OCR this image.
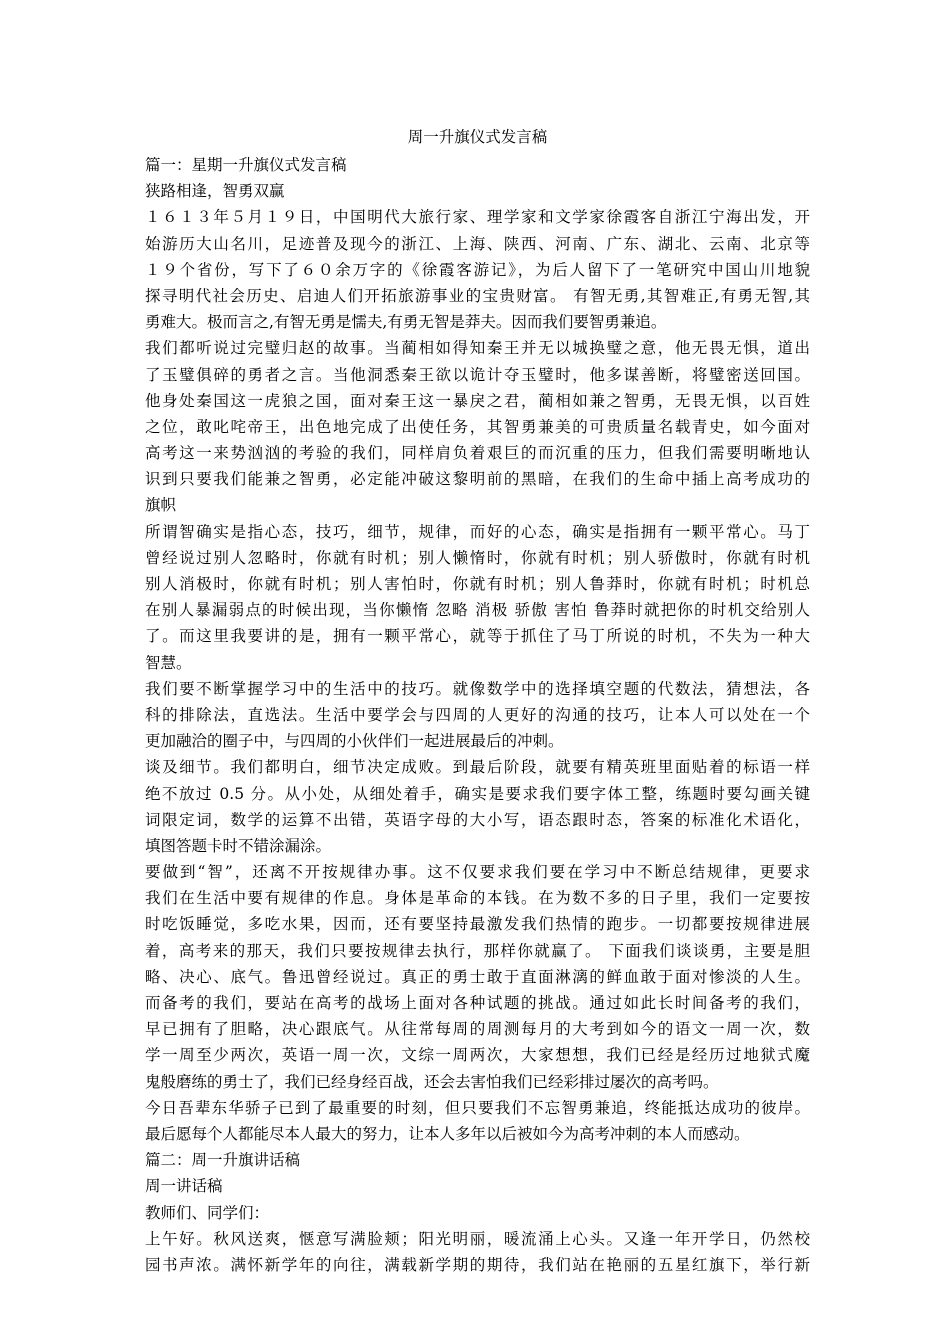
周一升旗仪式发言稿
篇一：星期一升旗仪式发言稿
狭路相逢，智勇双赢
１６１３年５月１９日，中国明代大旅行家、理学家和文学家徐霞客自浙江宁海出发，开
始游历大山名川，足迹普及现今的浙江、上海、陕西、河南、广东、湖北、云南、北京等
１９个省份，写下了６０余万字的《徐霞客游记》，为后人留下了一笔研究中国山川地貌
探寻明代社会历史、启迪人们开拓旅游事业的宝贵财富。 有智无勇,其智难正,有勇无智,其
勇难大。极而言之,有智无勇是懦夫,有勇无智是莽夫。因而我们要智勇兼追。
我们都听说过完璧归赵的故事。当蔺相如得知秦王并无以城换璧之意，他无畏无惧，道出
了玉璧俱碎的勇者之言。当他洞悉秦王欲以诡计夺玉璧时，他多谋善断，将璧密送回国。
他身处秦国这一虎狼之国，面对秦王这一暴戾之君，蔺相如兼之智勇，无畏无惧，以百姓
之位，敢叱咤帝王，出色地完成了出使任务，其智勇兼美的可贵质量名载青史，如今面对
高考这一来势汹汹的考验的我们，同样肩负着艰巨的而沉重的压力，但我们需要明晰地认
识到只要我们能兼之智勇，必定能冲破这黎明前的黑暗，在我们的生命中插上高考成功的
旗帜
所谓智确实是指心态，技巧，细节，规律，而好的心态，确实是指拥有一颗平常心。马丁
曾经说过别人忽略时，你就有时机；别人懒惰时，你就有时机；别人骄傲时，你就有时机
别人消极时，你就有时机；别人害怕时，你就有时机；别人鲁莽时，你就有时机；时机总
在别人暴漏弱点的时候出现，当你懒惰 忽略 消极 骄傲 害怕 鲁莽时就把你的时机交给别人
了。而这里我要讲的是，拥有一颗平常心，就等于抓住了马丁所说的时机，不失为一种大
智慧。
我们要不断掌握学习中的生活中的技巧。就像数学中的选择填空题的代数法，猜想法，各
科的排除法，直选法。生活中要学会与四周的人更好的沟通的技巧，让本人可以处在一个
更加融洽的圈子中，与四周的小伙伴们一起进展最后的冲刺。
谈及细节。我们都明白，细节决定成败。到最后阶段，就要有精英班里面贴着的标语一样
绝不放过 0.5 分。从小处，从细处着手，确实是要求我们要字体工整，练题时要勾画关键
词限定词，数学的运算不出错，英语字母的大小写，语态跟时态，答案的标准化术语化，
填图答题卡时不错涂漏涂。
要做到“智”，还离不开按规律办事。这不仅要求我们要在学习中不断总结规律，更要求
我们在生活中要有规律的作息。身体是革命的本钱。在为数不多的日子里，我们一定要按
时吃饭睡觉，多吃水果，因而，还有要坚持最激发我们热情的跑步。一切都要按规律进展
着，高考来的那天，我们只要按规律去执行，那样你就赢了。 下面我们谈谈勇，主要是胆
略、决心、底气。鲁迅曾经说过。真正的勇士敢于直面淋漓的鲜血敢于面对惨淡的人生。
而备考的我们，要站在高考的战场上面对各种试题的挑战。通过如此长时间备考的我们，
早已拥有了胆略，决心跟底气。从往常每周的周测每月的大考到如今的语文一周一次，数
学一周至少两次，英语一周一次，文综一周两次，大家想想，我们已经是经历过地狱式魔
鬼般磨练的勇士了，我们已经身经百战，还会去害怕我们已经彩排过屡次的高考吗。
今日吾辈东华骄子已到了最重要的时刻，但只要我们不忘智勇兼追，终能抵达成功的彼岸。
最后愿每个人都能尽本人最大的努力，让本人多年以后被如今为高考冲刺的本人而感动。
篇二：周一升旗讲话稿
周一讲话稿
教师们、同学们：
上午好。秋风送爽，惬意写满脸颊；阳光明丽，暖流涌上心头。又逢一年开学日，仍然校
园书声浓。满怀新学年的向往，满载新学期的期待，我们站在艳丽的五星红旗下，举行新
